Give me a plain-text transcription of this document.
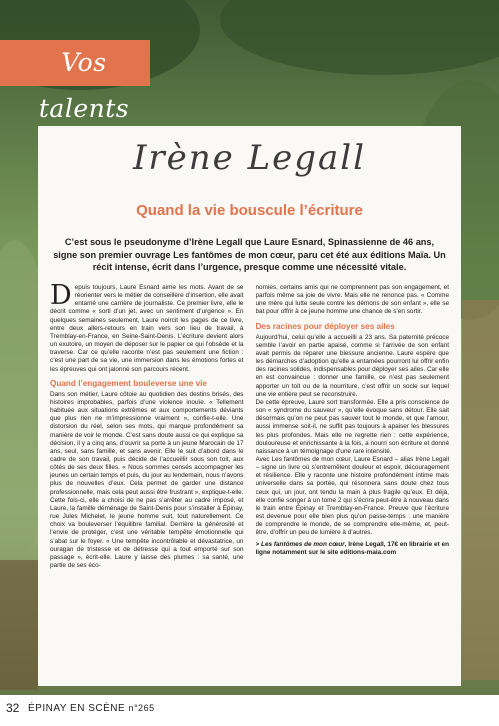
Vos talents
Irène Legall
Quand la vie bouscule l’écriture
C’est sous le pseudonyme d’Irène Legall que Laure Esnard, Spinassienne de 46 ans, signe son premier ouvrage Les fantômes de mon cœur, paru cet été aux éditions Maïa. Un récit intense, écrit dans l’urgence, presque comme une nécessité vitale.

Depuis toujours, Laure Esnard aime les mots. Avant de se réorienter vers le métier de conseillère d’insertion, elle avait entamé une carrière de journaliste. Ce premier livre, elle le décrit comme « sorti d’un jet, avec un sentiment d’urgence ». En quelques semaines seulement, Laure noircit les pages de ce livre, entre deux allers-retours en train vers son lieu de travail, à Tremblay-en-France, en Seine-Saint-Denis. L’écriture devient alors un exutoire, un moyen de déposer sur le papier ce qui l’obsède et la traverse. Car ce qu’elle raconte n’est pas seulement une fiction : c’est une part de sa vie, une immersion dans les émotions fortes et les épreuves qui ont jalonné son parcours récent.

Quand l’engagement bouleverse une vie

Dans son métier, Laure côtoie au quotidien des destins brisés, des histoires improbables, parfois d’une violence inouïe. « Tellement habituée aux situations extrêmes et aux comportements déviants que plus rien ne m’impressionne vraiment », confie-t-elle. Une distorsion du réel, selon ses mots, qui marque profondément sa manière de voir le monde. C’est sans doute aussi ce qui explique sa décision, il y a cinq ans, d’ouvrir sa porte à un jeune Marocain de 17 ans, seul, sans famille, et sans avenir. Elle le suit d’abord dans le cadre de son travail, puis décide de l’accueillir sous son toit, aux côtés de ses deux filles. « Nous sommes censés accompagner les jeunes un certain temps et puis, du jour au lendemain, nous n’avons plus de nouvelles d’eux. Cela permet de garder une distance professionnelle, mais cela peut aussi être frustrant », explique-t-elle. Cette fois-ci, elle a choisi de ne pas s’arrêter au cadre imposé, et Laure, la famille déménage de Saint-Denis pour s’installer à Épinay, rue Jules Michelet, le jeune homme suit, tout naturellement. Ce choix va bouleverser l’équilibre familial. Derrière la générosité et l’envie de protéger, c’est une véritable tempête émotionnelle qui s’abat sur le foyer. « Une tempête incontrôlable et dévastatrice, un ouragan de tristesse et de détresse qui a tout emporté sur son passage », écrit-elle. Laure y laisse des plumes : sa santé, une partie de ses éco-

nomies, certains amis qui ne comprennent pas son engagement, et parfois même sa joie de vivre. Mais elle ne renonce pas. « Comme une mère qui lutte seule contre les démons de son enfant », elle se bat pour offrir à ce jeune homme une chance de s’en sortir.

Des racines pour déployer ses ailes

Aujourd’hui, celui qu’elle a accueilli a 23 ans. Sa paternité précoce semble l’avoir en partie apaisé, comme si l’arrivée de son enfant avait permis de réparer une blessure ancienne. Laure espère que les démarches d’adoption qu’elle a entamées pourront lui offrir enfin des racines solides, indispensables pour déployer ses ailes. Car elle en est convaincue : donner une famille, ce n’est pas seulement apporter un toit ou de la nourriture, c’est offrir un socle sur lequel une vie entière peut se reconstruire.

De cette épreuve, Laure sort transformée. Elle a pris conscience de son « syndrome du sauveur », qu’elle évoque sans détour. Elle sait désormais qu’on ne peut pas sauver tout le monde, et que l’amour, aussi immense soit-il, ne suffit pas toujours à apaiser les blessures les plus profondes. Mais elle ne regrette rien : cette expérience, douloureuse et enrichissante à la fois, a nourri son écriture et donné naissance à un témoignage d’une rare intensité.

Avec Les fantômes de mon cœur, Laure Esnard – alias Irène Legall – signe un livre où s’entremêlent douleur et espoir, découragement et résilience. Elle y raconte une histoire profondément intime mais universelle dans sa portée, qui résonnera sans doute chez tous ceux qui, un jour, ont tendu la main à plus fragile qu’eux. Et déjà, elle confie songer à un tome 2 qui s’écrira peut-être à nouveau dans le train entre Épinay et Tremblay-en-France. Preuve que l’écriture est devenue pour elle bien plus qu’un passe-temps : une manière de comprendre le monde, de se comprendre elle-même, et, peut-être, d’offrir un peu de lumière à d’autres.

> Les fantômes de mon cœur, Irène Legall, 17€ en librairie et en ligne notamment sur le site editions-maia.com

32 ÉPINAY EN SCÈNE n°265
